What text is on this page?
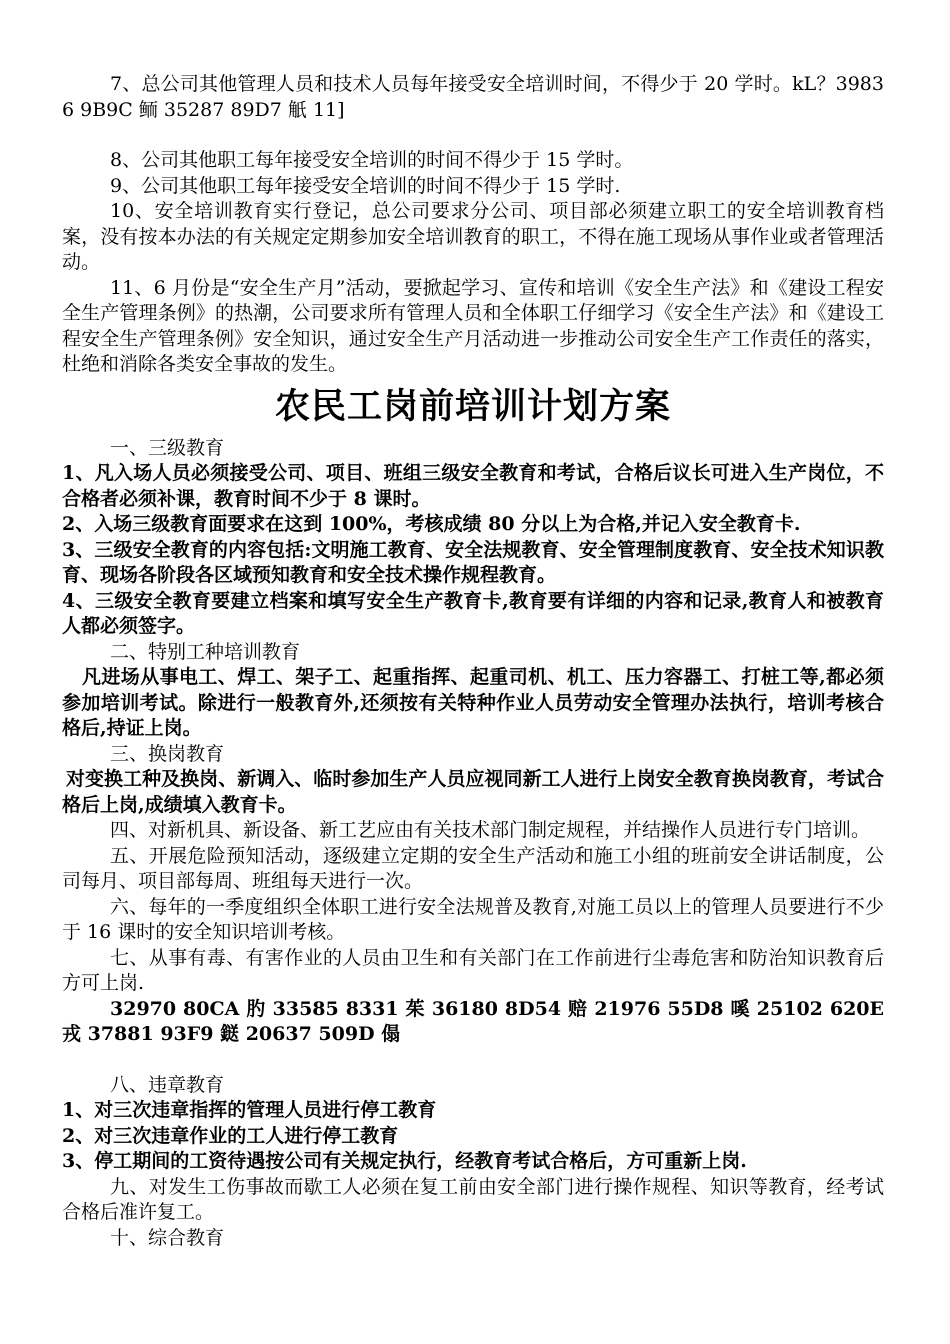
7、总公司其他管理人员和技术人员每年接受安全培训时间，不得少于 20 学时。kL？39836 9B9C 鲕 35287 89D7 觗 11]

8、公司其他职工每年接受安全培训的时间不得少于 15 学时。

9、公司其他职工每年接受安全培训的时间不得少于 15 学时.

10、安全培训教育实行登记，总公司要求分公司、项目部必须建立职工的安全培训教育档案，没有按本办法的有关规定定期参加安全培训教育的职工，不得在施工现场从事作业或者管理活动。

11、6 月份是“安全生产月”活动，要掀起学习、宣传和培训《安全生产法》和《建设工程安全生产管理条例》的热潮，公司要求所有管理人员和全体职工仔细学习《安全生产法》和《建设工程安全生产管理条例》安全知识，通过安全生产月活动进一步推动公司安全生产工作责任的落实，杜绝和消除各类安全事故的发生。

农民工岗前培训计划方案

一、三级教育

1、凡入场人员必须接受公司、项目、班组三级安全教育和考试，合格后议长可进入生产岗位，不合格者必须补课，教育时间不少于 8 课时。

2、入场三级教育面要求在这到 100%，考核成绩 80 分以上为合格,并记入安全教育卡.

3、三级安全教育的内容包括:文明施工教育、安全法规教育、安全管理制度教育、安全技术知识教育、现场各阶段各区域预知教育和安全技术操作规程教育。

4、三级安全教育要建立档案和填写安全生产教育卡,教育要有详细的内容和记录,教育人和被教育人都必须签字。

二、特别工种培训教育

凡进场从事电工、焊工、架子工、起重指挥、起重司机、机工、压力容器工、打桩工等,都必须参加培训考试。除进行一般教育外,还须按有关特种作业人员劳动安全管理办法执行，培训考核合格后,持证上岗。

三、换岗教育

对变换工种及换岗、新调入、临时参加生产人员应视同新工人进行上岗安全教育换岗教育，考试合格后上岗,成绩填入教育卡。

四、对新机具、新设备、新工艺应由有关技术部门制定规程，并结操作人员进行专门培训。

五、开展危险预知活动，逐级建立定期的安全生产活动和施工小组的班前安全讲话制度，公司每月、项目部每周、班组每天进行一次。

六、每年的一季度组织全体职工进行安全法规普及教育,对施工员以上的管理人员要进行不少于 16 课时的安全知识培训考核。

七、从事有毒、有害作业的人员由卫生和有关部门在工作前进行尘毒危害和防治知识教育后方可上岗.

32970 80CA 肑 33585 8331 茱 36180 8D54 赔 21976 55D8 嗘 25102 620E 戎 37881 93F9 鎹 20637 509D 傝

八、违章教育

1、对三次违章指挥的管理人员进行停工教育

2、对三次违章作业的工人进行停工教育

3、停工期间的工资待遇按公司有关规定执行，经教育考试合格后，方可重新上岗.

九、对发生工伤事故而歇工人必须在复工前由安全部门进行操作规程、知识等教育，经考试合格后准许复工。

十、综合教育
